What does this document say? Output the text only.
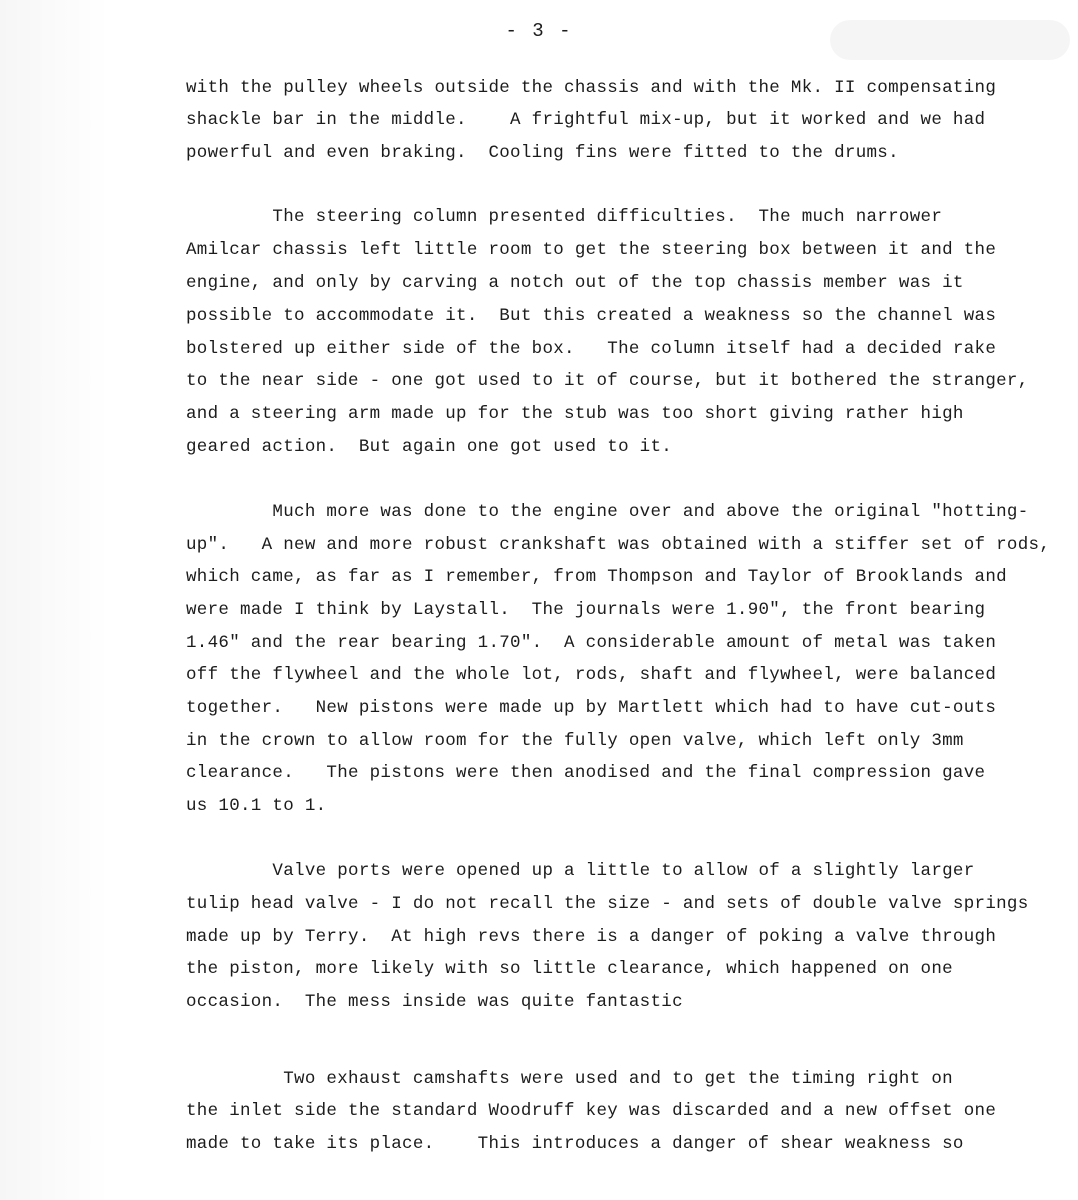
- 3 -
with the pulley wheels outside the chassis and with the Mk. II compensating
shackle bar in the middle.    A frightful mix-up, but it worked and we had
powerful and even braking.  Cooling fins were fitted to the drums.
The steering column presented difficulties.  The much narrower
Amilcar chassis left little room to get the steering box between it and the
engine, and only by carving a notch out of the top chassis member was it
possible to accommodate it.  But this created a weakness so the channel was
bolstered up either side of the box.   The column itself had a decided rake
to the near side - one got used to it of course, but it bothered the stranger,
and a steering arm made up for the stub was too short giving rather high
geared action.  But again one got used to it.
Much more was done to the engine over and above the original "hotting-
up".   A new and more robust crankshaft was obtained with a stiffer set of rods,
which came, as far as I remember, from Thompson and Taylor of Brooklands and
were made I think by Laystall.  The journals were 1.90", the front bearing
1.46" and the rear bearing 1.70".  A considerable amount of metal was taken
off the flywheel and the whole lot, rods, shaft and flywheel, were balanced
together.   New pistons were made up by Martlett which had to have cut-outs
in the crown to allow room for the fully open valve, which left only 3mm
clearance.   The pistons were then anodised and the final compression gave
us 10.1 to 1.
Valve ports were opened up a little to allow of a slightly larger
tulip head valve - I do not recall the size - and sets of double valve springs
made up by Terry.  At high revs there is a danger of poking a valve through
the piston, more likely with so little clearance, which happened on one
occasion.  The mess inside was quite fantastic
Two exhaust camshafts were used and to get the timing right on
the inlet side the standard Woodruff key was discarded and a new offset one
made to take its place.    This introduces a danger of shear weakness so
